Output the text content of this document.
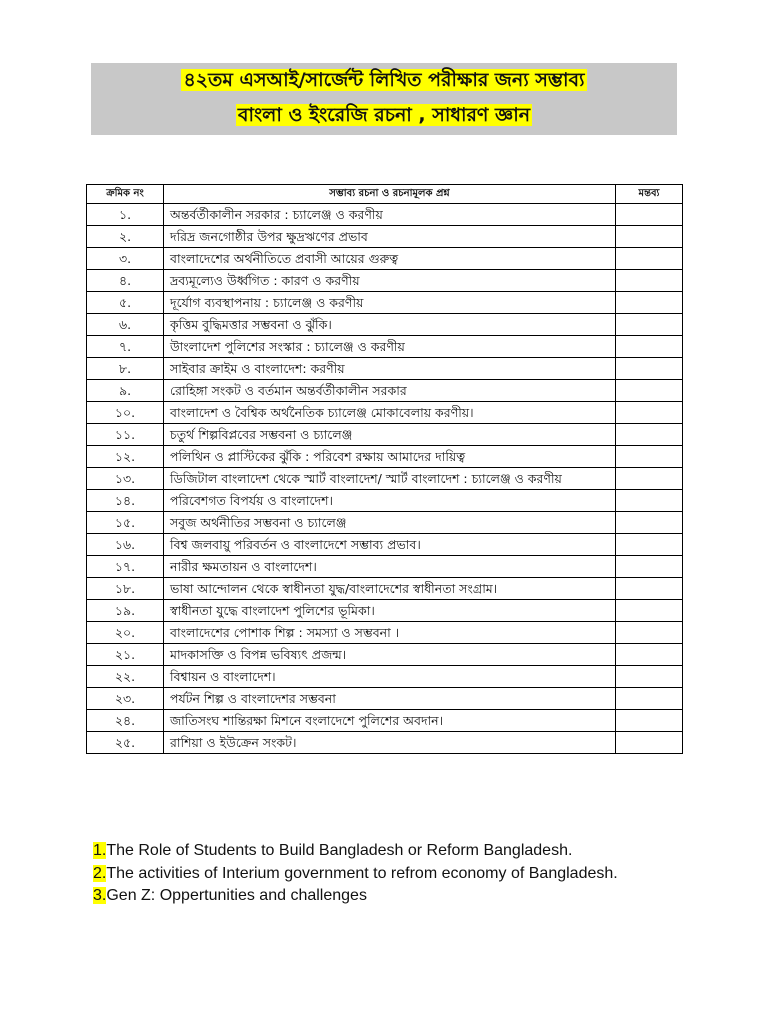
৪২তম এসআই/সার্জেন্ট লিখিত পরীক্ষার জন্য সম্ভাব্য
বাংলা ও ইংরেজি রচনা , সাধারণ জ্ঞান
ক্রমিক নং	সম্ভাব্য রচনা ও রচনামূলক প্রশ্ন	মন্তব্য
১.	অন্তর্বর্তীকালীন সরকার : চ্যালেঞ্জ ও করণীয়	
২.	দরিদ্র জনগোষ্ঠীর উপর ক্ষুদ্রঋণের প্রভাব	
৩.	বাংলাদেশের অর্থনীতিতে প্রবাসী আয়ের গুরুত্ব	
৪.	দ্রব্যমূল্যেও উর্ধ্বগিত : কারণ ও করণীয়	
৫.	দূর্যোগ ব্যবস্থাপনায় : চ্যালেঞ্জ ও করণীয়	
৬.	কৃত্তিম বুদ্ধিমত্তার সম্ভবনা ও ঝুঁকি।	
৭.	উাংলাদেশ পুলিশের সংস্কার : চ্যালেঞ্জ ও করণীয়	
৮.	সাইবার ক্রাইম ও বাংলাদেশ: করণীয়	
৯.	রোহিঙ্গা সংকট ও বর্তমান অন্তর্বর্তীকালীন সরকার	
১০.	বাংলাদেশ ও বৈশ্বিক অর্থনৈতিক চ্যালেঞ্জ মোকাবেলায় করণীয়।	
১১.	চতুর্থ শিল্পবিপ্লবের সম্ভবনা ও চ্যালেঞ্জ	
১২.	পলিথিন ও প্লাস্টিকের ঝুঁকি : পরিবেশ রক্ষায় আমাদের দায়িত্ব	
১৩.	ডিজিটাল বাংলাদেশ থেকে স্মার্ট বাংলাদেশ/ স্মার্ট বাংলাদেশ : চ্যালেঞ্জ ও করণীয়	
১৪.	পরিবেশগত বিপর্যয় ও বাংলাদেশ।	
১৫.	সবুজ অর্থনীতির সম্ভবনা ও চ্যালেঞ্জ	
১৬.	বিশ্ব জলবায়ু পরিবর্তন ও বাংলাদেশে সম্ভাব্য প্রভাব।	
১৭.	নারীর ক্ষমতায়ন ও বাংলাদেশ।	
১৮.	ভাষা আন্দোলন থেকে স্বাধীনতা যুদ্ধ/বাংলাদেশের স্বাধীনতা সংগ্রাম।	
১৯.	স্বাধীনতা যুদ্ধে বাংলাদেশ পুলিশের ভূমিকা।	
২০.	বাংলাদেশের পোশাক শিল্প : সমস্যা ও সম্ভবনা ।	
২১.	মাদকাসক্তি ও বিপন্ন ভবিষ্যৎ প্রজন্ম।	
২২.	বিশ্বায়ন ও বাংলাদেশ।	
২৩.	পর্যটন শিল্প ও বাংলাদেশর সম্ভবনা	
২৪.	জাতিসংঘ শান্তিরক্ষা মিশনে বংলাদেশে পুলিশের অবদান।	
২৫.	রাশিয়া ও ইউক্রেন সংকট।	

1.The Role of Students to Build Bangladesh or Reform Bangladesh.

2.The activities of Interium government to refrom economy of Bangladesh.

3.Gen Z: Oppertunities and challenges
